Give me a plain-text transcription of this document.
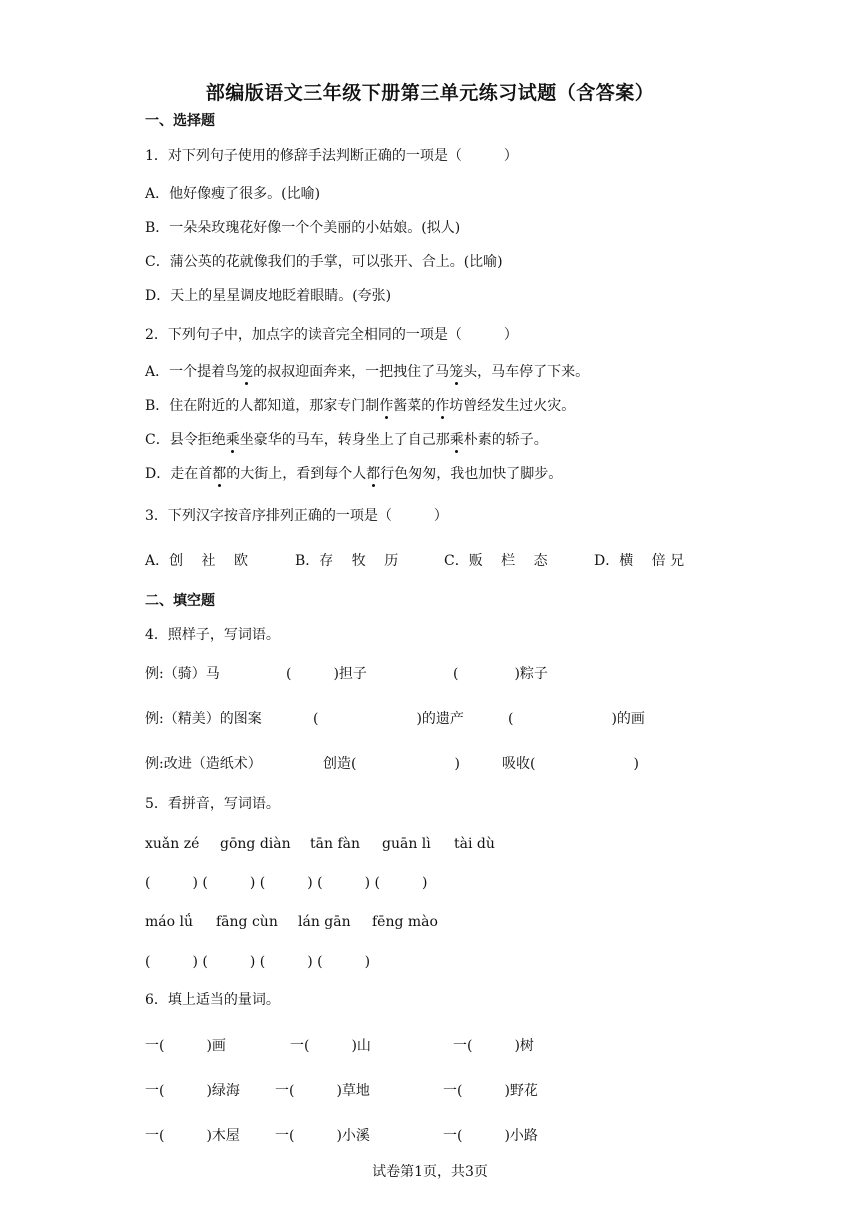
部编版语文三年级下册第三单元练习试题（含答案）
一、选择题
1．对下列句子使用的修辞手法判断正确的一项是（　　　）
A．他好像瘦了很多。(比喻)
B．一朵朵玫瑰花好像一个个美丽的小姑娘。(拟人)
C．蒲公英的花就像我们的手掌，可以张开、合上。(比喻)
D．天上的星星调皮地眨着眼睛。(夸张)
2．下列句子中，加点字的读音完全相同的一项是（　　　）
A．一个提着鸟笼的叔叔迎面奔来，一把拽住了马笼头，马车停了下来。
B．住在附近的人都知道，那家专门制作酱菜的作坊曾经发生过火灾。
C．县令拒绝乘坐豪华的马车，转身坐上了自己那乘朴素的轿子。
D．走在首都的大街上，看到每个人都行色匆匆，我也加快了脚步。
3．下列汉字按音序排列正确的一项是（　　　）
A．创　 社　 欧	B．存　 牧　 历	C．贩　 栏　 态	D．横　 倍 兄
二、填空题
4．照样子，写词语。
例:（骑）马	(　　　)担子	(　　　　)粽子
例:（精美）的图案	(　　　　　　　)的遗产	(　　　　　　　)的画
例:改进（造纸术）	创造(　　　　　　　)	吸收(　　　　　　　)
5．看拼音，写词语。
xuǎn zé gōng diàn tān fàn guān lì tài dù
(　　　) (　　　) (　　　) (　　　) (　　　)
máo lǘ fāng cùn lán gān fēng mào
(　　　) (　　　) (　　　) (　　　)
6．填上适当的量词。
一(　　　)画	一(　　　)山	一(　　　)树
一(　　　)绿海	一(　　　)草地	一(　　　)野花
一(　　　)木屋	一(　　　)小溪	一(　　　)小路
试卷第1页，共3页
